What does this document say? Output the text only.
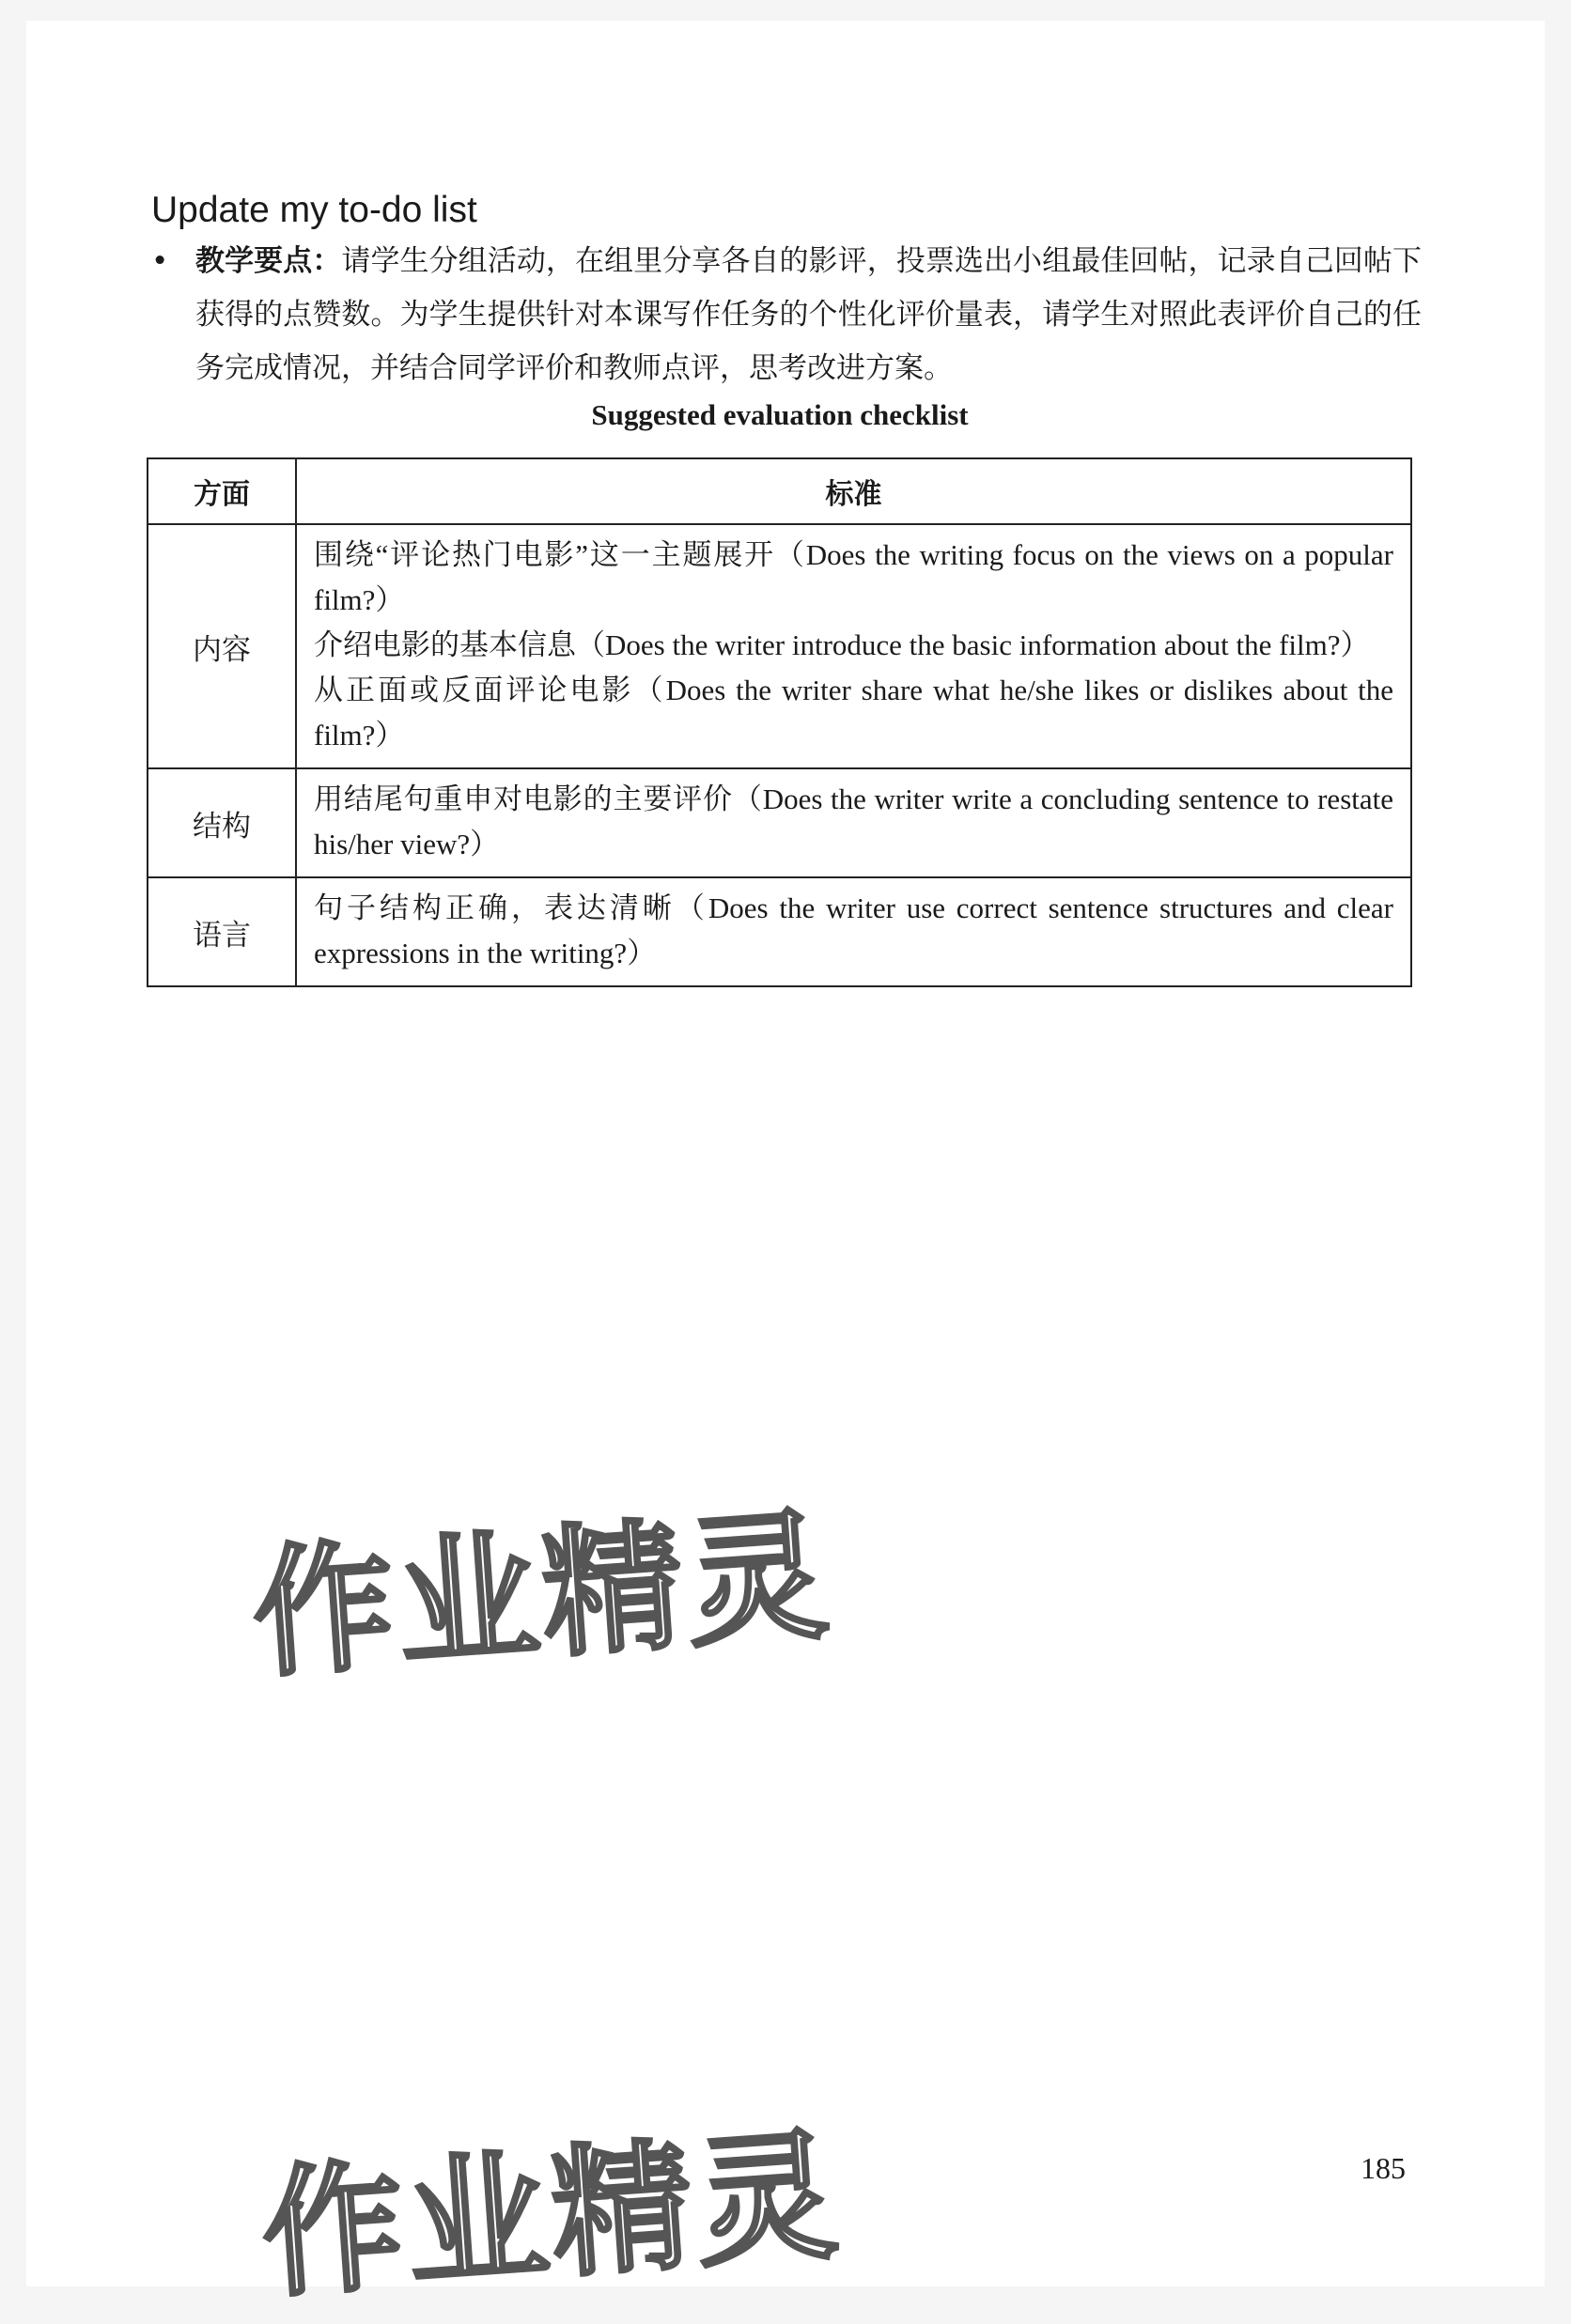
Update my to-do list
• 教学要点：请学生分组活动，在组里分享各自的影评，投票选出小组最佳回帖，记录自己回帖下获得的点赞数。为学生提供针对本课写作任务的个性化评价量表，请学生对照此表评价自己的任务完成情况，并结合同学评价和教师点评，思考改进方案。
Suggested evaluation checklist
方面	标准
内容	围绕“评论热门电影”这一主题展开（Does the writing focus on the views on a popular film?）
介绍电影的基本信息（Does the writer introduce the basic information about the film?）
从正面或反面评论电影（Does the writer share what he/she likes or dislikes about the film?）

结构	用结尾句重申对电影的主要评价（Does the writer write a concluding sentence to restate his/her view?）

语言	句子结构正确，表达清晰（Does the writer use correct sentence structures and clear expressions in the writing?）
作业精灵
作业精灵	185
